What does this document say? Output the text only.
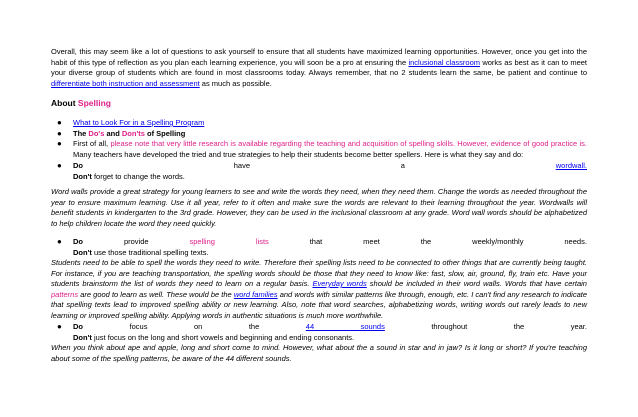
Overall, this may seem like a lot of questions to ask yourself to ensure that all students have maximized learning opportunities. However, once you get into the habit of this type of reflection as you plan each learning experience, you will soon be a pro at ensuring the inclusional classroom works as best as it can to meet your diverse group of students which are found in most classrooms today. Always remember, that no 2 students learn the same, be patient and continue to differentiate both instruction and assessment as much as possible.
About Spelling
● What to Look For in a Spelling Program
● The Do's and Don'ts of Spelling
● First of all, please note that very little research is available regarding the teaching and acquisition of spelling skills. However, evidence of good practice is. Many teachers have developed the tried and true strategies to help their students become better spellers. Here is what they say and do:
● Do	have	a	wordwall.
Don't forget to change the words.
Word walls provide a great strategy for young learners to see and write the words they need, when they need them. Change the words as needed throughout the year to ensure maximum learning. Use it all year, refer to it often and make sure the words are relevant to their learning throughout the year. Wordwalls will benefit students in kindergarten to the 3rd grade. However, they can be used in the inclusional classroom at any grade. Word wall words should be alphabetized to help children locate the word they need quickly.
● Do	provide	spelling	lists	that	meet	the	weekly/monthly	needs.
Don't use those traditional spelling texts.
Students need to be able to spell the words they need to write. Therefore their spelling lists need to be connected to other things that are currently being taught. For instance, if you are teaching transportation, the spelling words should be those that they need to know like: fast, slow, air, ground, fly, train etc. Have your students brainstorm the list of words they need to learn on a regular basis. Everyday words should be included in their word walls. Words that have certain patterns are good to learn as well. These would be the word families and words with similar patterns like through, enough, etc. I can't find any research to indicate that spelling texts lead to improved spelling ability or new learning. Also, note that word searches, alphabetizing words, writing words out rarely leads to new learning or improved spelling ability. Applying words in authentic situations is much more worthwhile.
● Do	focus	on	the	44 sounds	throughout	the	year.
Don't just focus on the long and short vowels and beginning and ending consonants.
When you think about ape and apple, long and short come to mind. However, what about the a sound in star and in jaw? Is it long or short? If you're teaching about some of the spelling patterns, be aware of the 44 different sounds.
